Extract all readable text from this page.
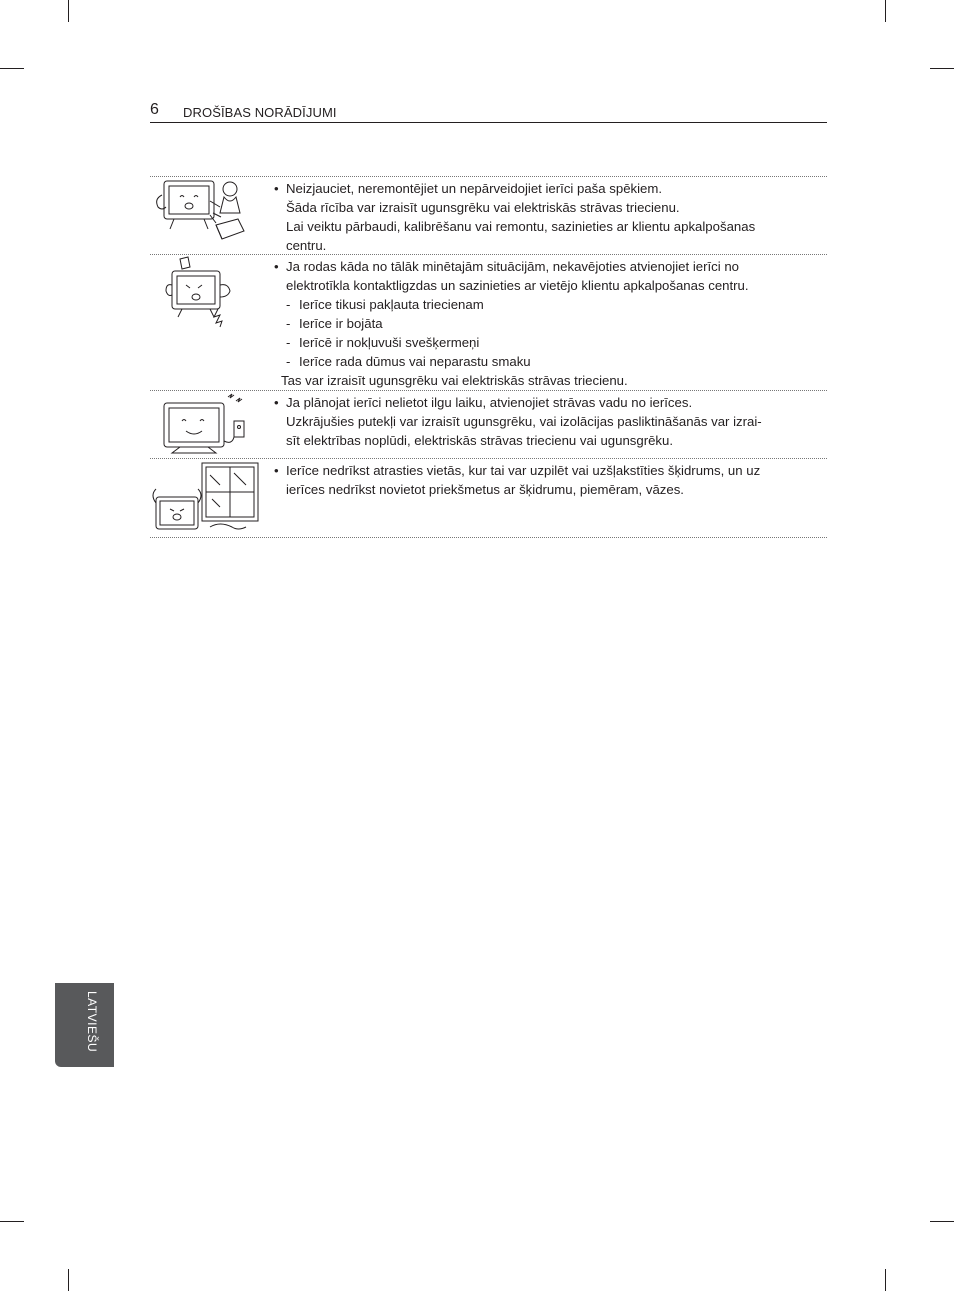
6 DROŠĪBAS NORĀDĪJUMI
• Neizjauciet, neremontējiet un nepārveidojiet ierīci paša spēkiem.
Šāda rīcība var izraisīt ugunsgrēku vai elektriskās strāvas triecienu.
Lai veiktu pārbaudi, kalibrēšanu vai remontu, sazinieties ar klientu apkalpošanas
centru.
• Ja rodas kāda no tālāk minētajām situācijām, nekavējoties atvienojiet ierīci no
elektrotīkla kontaktligzdas un sazinieties ar vietējo klientu apkalpošanas centru.
- Ierīce tikusi pakļauta triecienam
- Ierīce ir bojāta
- Ierīcē ir nokļuvuši svešķermeņi
- Ierīce rada dūmus vai neparastu smaku
Tas var izraisīt ugunsgrēku vai elektriskās strāvas triecienu.
• Ja plānojat ierīci nelietot ilgu laiku, atvienojiet strāvas vadu no ierīces.
Uzkrājušies putekļi var izraisīt ugunsgrēku, vai izolācijas pasliktināšanās var izrai-
sīt elektrības noplūdi, elektriskās strāvas triecienu vai ugunsgrēku.
• Ierīce nedrīkst atrasties vietās, kur tai var uzpilēt vai uzšļakstīties šķidrums, un uz
ierīces nedrīkst novietot priekšmetus ar šķidrumu, piemēram, vāzes.
LATVIEŠU
